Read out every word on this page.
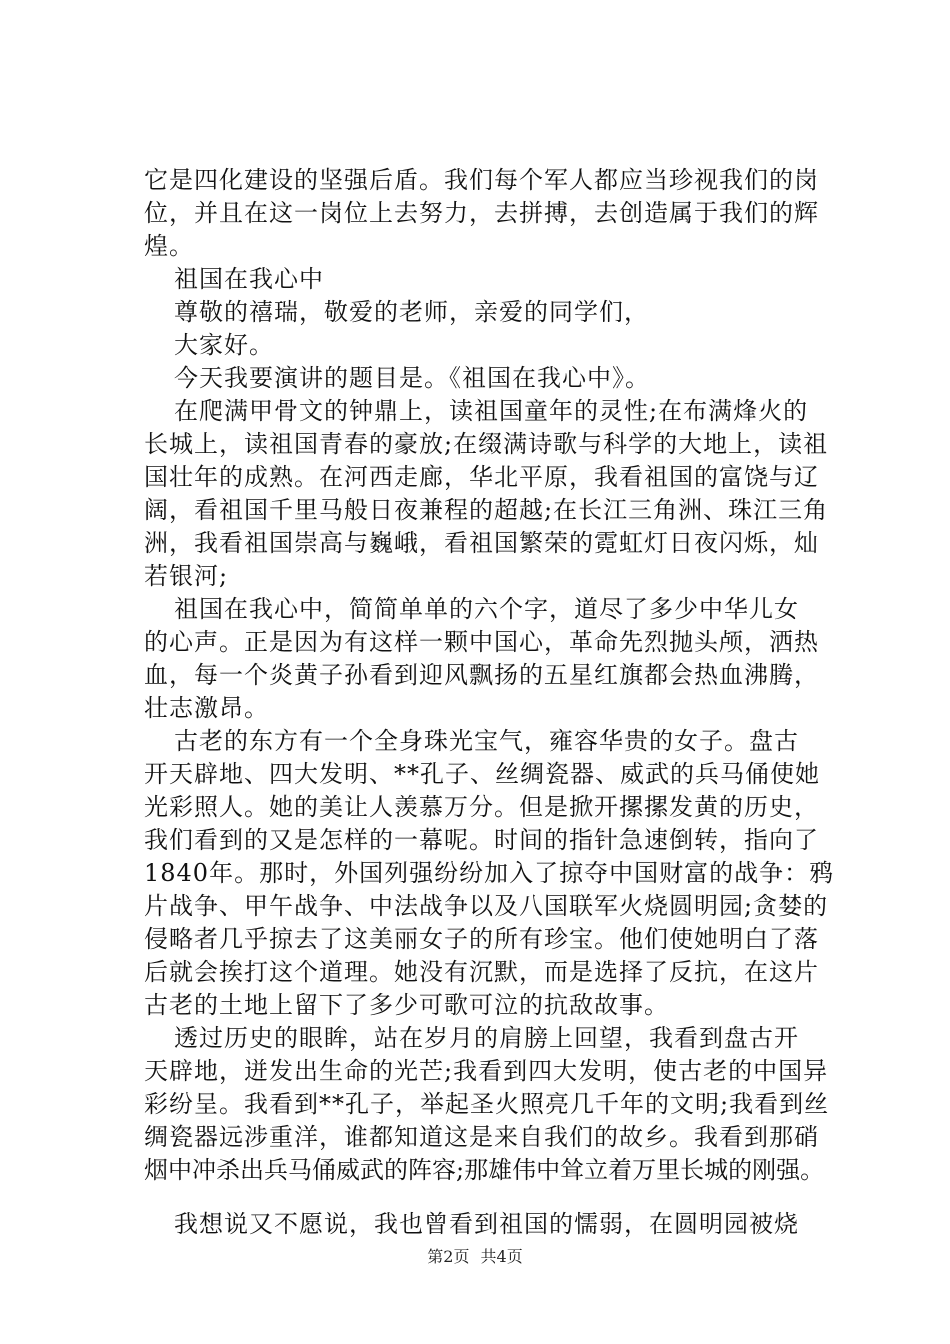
它是四化建设的坚强后盾。我们每个军人都应当珍视我们的岗
位，并且在这一岗位上去努力，去拼搏，去创造属于我们的辉
煌。
祖国在我心中
尊敬的禧瑞，敬爱的老师，亲爱的同学们，
大家好。
今天我要演讲的题目是。《祖国在我心中》。
在爬满甲骨文的钟鼎上，读祖国童年的灵性;在布满烽火的
长城上，读祖国青春的豪放;在缀满诗歌与科学的大地上，读祖
国壮年的成熟。在河西走廊，华北平原，我看祖国的富饶与辽
阔，看祖国千里马般日夜兼程的超越;在长江三角洲、珠江三角
洲，我看祖国崇高与巍峨，看祖国繁荣的霓虹灯日夜闪烁，灿
若银河;
祖国在我心中，简简单单的六个字，道尽了多少中华儿女
的心声。正是因为有这样一颗中国心，革命先烈抛头颅，洒热
血，每一个炎黄子孙看到迎风飘扬的五星红旗都会热血沸腾，
壮志激昂。
古老的东方有一个全身珠光宝气，雍容华贵的女子。盘古
开天辟地、四大发明、**孔子、丝绸瓷器、威武的兵马俑使她
光彩照人。她的美让人羡慕万分。但是掀开摞摞发黄的历史，
我们看到的又是怎样的一幕呢。时间的指针急速倒转，指向了
1840年。那时，外国列强纷纷加入了掠夺中国财富的战争：鸦
片战争、甲午战争、中法战争以及八国联军火烧圆明园;贪婪的
侵略者几乎掠去了这美丽女子的所有珍宝。他们使她明白了落
后就会挨打这个道理。她没有沉默，而是选择了反抗，在这片
古老的土地上留下了多少可歌可泣的抗敌故事。
透过历史的眼眸，站在岁月的肩膀上回望，我看到盘古开
天辟地，迸发出生命的光芒;我看到四大发明，使古老的中国异
彩纷呈。我看到**孔子，举起圣火照亮几千年的文明;我看到丝
绸瓷器远涉重洋，谁都知道这是来自我们的故乡。我看到那硝
烟中冲杀出兵马俑威武的阵容;那雄伟中耸立着万里长城的刚强。
我想说又不愿说，我也曾看到祖国的懦弱，在圆明园被烧
第2页 共4页
